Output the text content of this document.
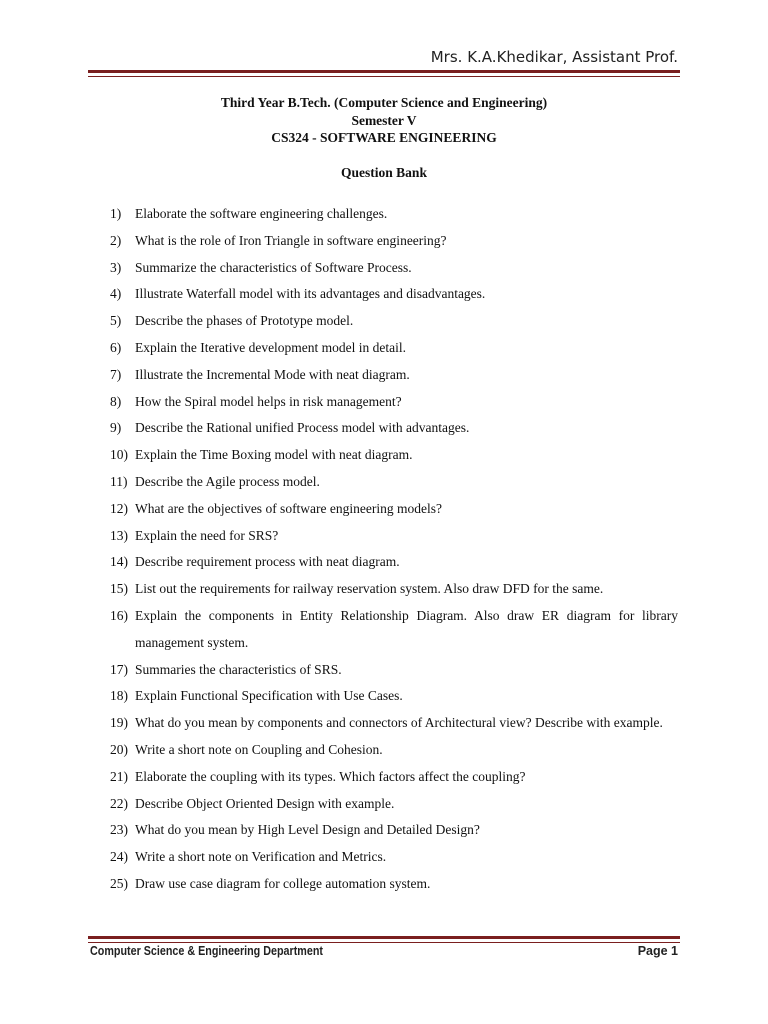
Mrs. K.A.Khedikar, Assistant Prof.
Third Year B.Tech. (Computer Science and Engineering)
Semester V
CS324 - SOFTWARE ENGINEERING
Question Bank
1)	Elaborate the software engineering challenges.
2)	What is the role of Iron Triangle in software engineering?
3)	Summarize the characteristics of Software Process.
4)	Illustrate Waterfall model with its advantages and disadvantages.
5)	Describe the phases of Prototype model.
6)	Explain the Iterative development model in detail.
7)	Illustrate the Incremental Mode with neat diagram.
8)	How the Spiral model helps in risk management?
9)	Describe the Rational unified Process model with advantages.
10) Explain the Time Boxing model with neat diagram.
11) Describe the Agile process model.
12) What are the objectives of software engineering models?
13) Explain the need for SRS?
14) Describe requirement process with neat diagram.
15) List out the requirements for railway reservation system. Also draw DFD for the same.
16) Explain the components in Entity Relationship Diagram. Also draw ER diagram for library management system.
17) Summaries the characteristics of SRS.
18) Explain Functional Specification with Use Cases.
19) What do you mean by components and connectors of Architectural view? Describe with example.
20) Write a short note on Coupling and Cohesion.
21) Elaborate the coupling with its types. Which factors affect the coupling?
22) Describe Object Oriented Design with example.
23) What do you mean by High Level Design and Detailed Design?
24) Write a short note on Verification and Metrics.
25) Draw use case diagram for college automation system.
Computer Science & Engineering Department	Page 1
